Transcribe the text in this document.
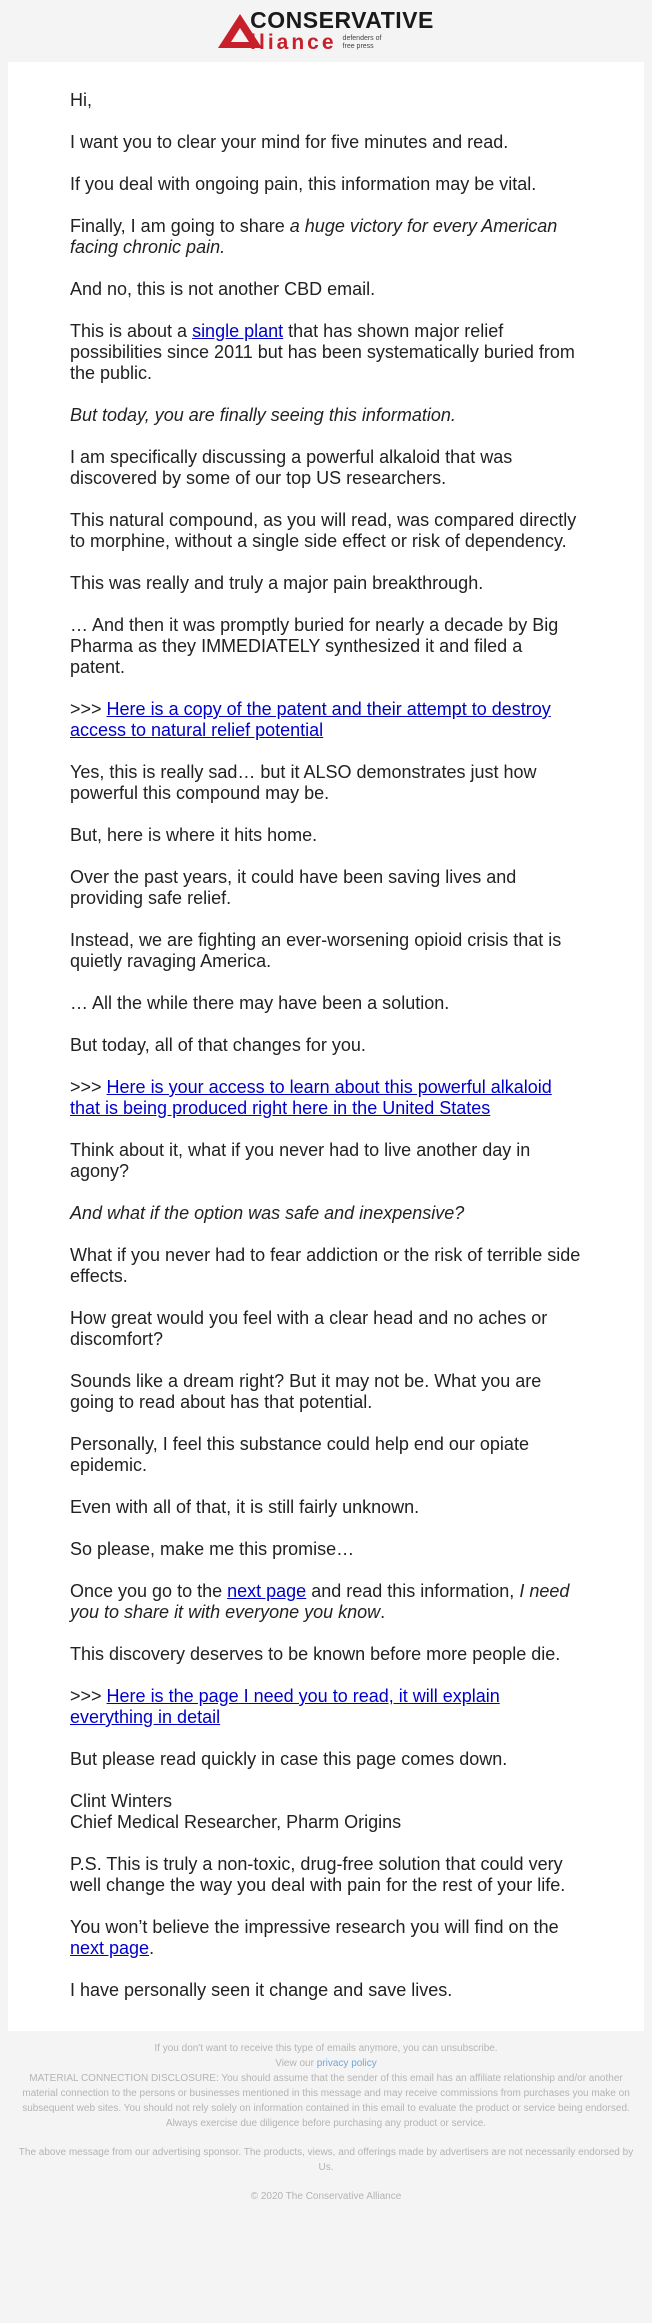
CONSERVATIVE
lliance defenders of
free press

Hi,

I want you to clear your mind for five minutes and read.

If you deal with ongoing pain, this information may be vital.

Finally, I am going to share a huge victory for every American facing chronic pain.

And no, this is not another CBD email.

This is about a single plant that has shown major relief possibilities since 2011 but has been systematically buried from the public.

But today, you are finally seeing this information.

I am specifically discussing a powerful alkaloid that was discovered by some of our top US researchers.

This natural compound, as you will read, was compared directly to morphine, without a single side effect or risk of dependency.

This was really and truly a major pain breakthrough.

… And then it was promptly buried for nearly a decade by Big Pharma as they IMMEDIATELY synthesized it and filed a patent.

>>> Here is a copy of the patent and their attempt to destroy access to natural relief potential

Yes, this is really sad… but it ALSO demonstrates just how powerful this compound may be.

But, here is where it hits home.

Over the past years, it could have been saving lives and providing safe relief.

Instead, we are fighting an ever-worsening opioid crisis that is quietly ravaging America.

… All the while there may have been a solution.

But today, all of that changes for you.

>>> Here is your access to learn about this powerful alkaloid that is being produced right here in the United States

Think about it, what if you never had to live another day in agony?

And what if the option was safe and inexpensive?

What if you never had to fear addiction or the risk of terrible side effects.

How great would you feel with a clear head and no aches or discomfort?

Sounds like a dream right? But it may not be. What you are going to read about has that potential.

Personally, I feel this substance could help end our opiate epidemic.

Even with all of that, it is still fairly unknown.

So please, make me this promise…

Once you go to the next page and read this information, I need you to share it with everyone you know.

This discovery deserves to be known before more people die.

>>> Here is the page I need you to read, it will explain everything in detail

But please read quickly in case this page comes down.

Clint Winters
Chief Medical Researcher, Pharm Origins

P.S. This is truly a non-toxic, drug-free solution that could very well change the way you deal with pain for the rest of your life.

You won’t believe the impressive research you will find on the next page.

I have personally seen it change and save lives.

If you don't want to receive this type of emails anymore, you can unsubscribe.

View our privacy policy

MATERIAL CONNECTION DISCLOSURE: You should assume that the sender of this email has an affiliate relationship and/or another material connection to the persons or businesses mentioned in this message and may receive commissions from purchases you make on subsequent web sites. You should not rely solely on information contained in this email to evaluate the product or service being endorsed. Always exercise due diligence before purchasing any product or service.

The above message from our advertising sponsor. The products, views, and offerings made by advertisers are not necessarily endorsed by Us.

© 2020 The Conservative Alliance
